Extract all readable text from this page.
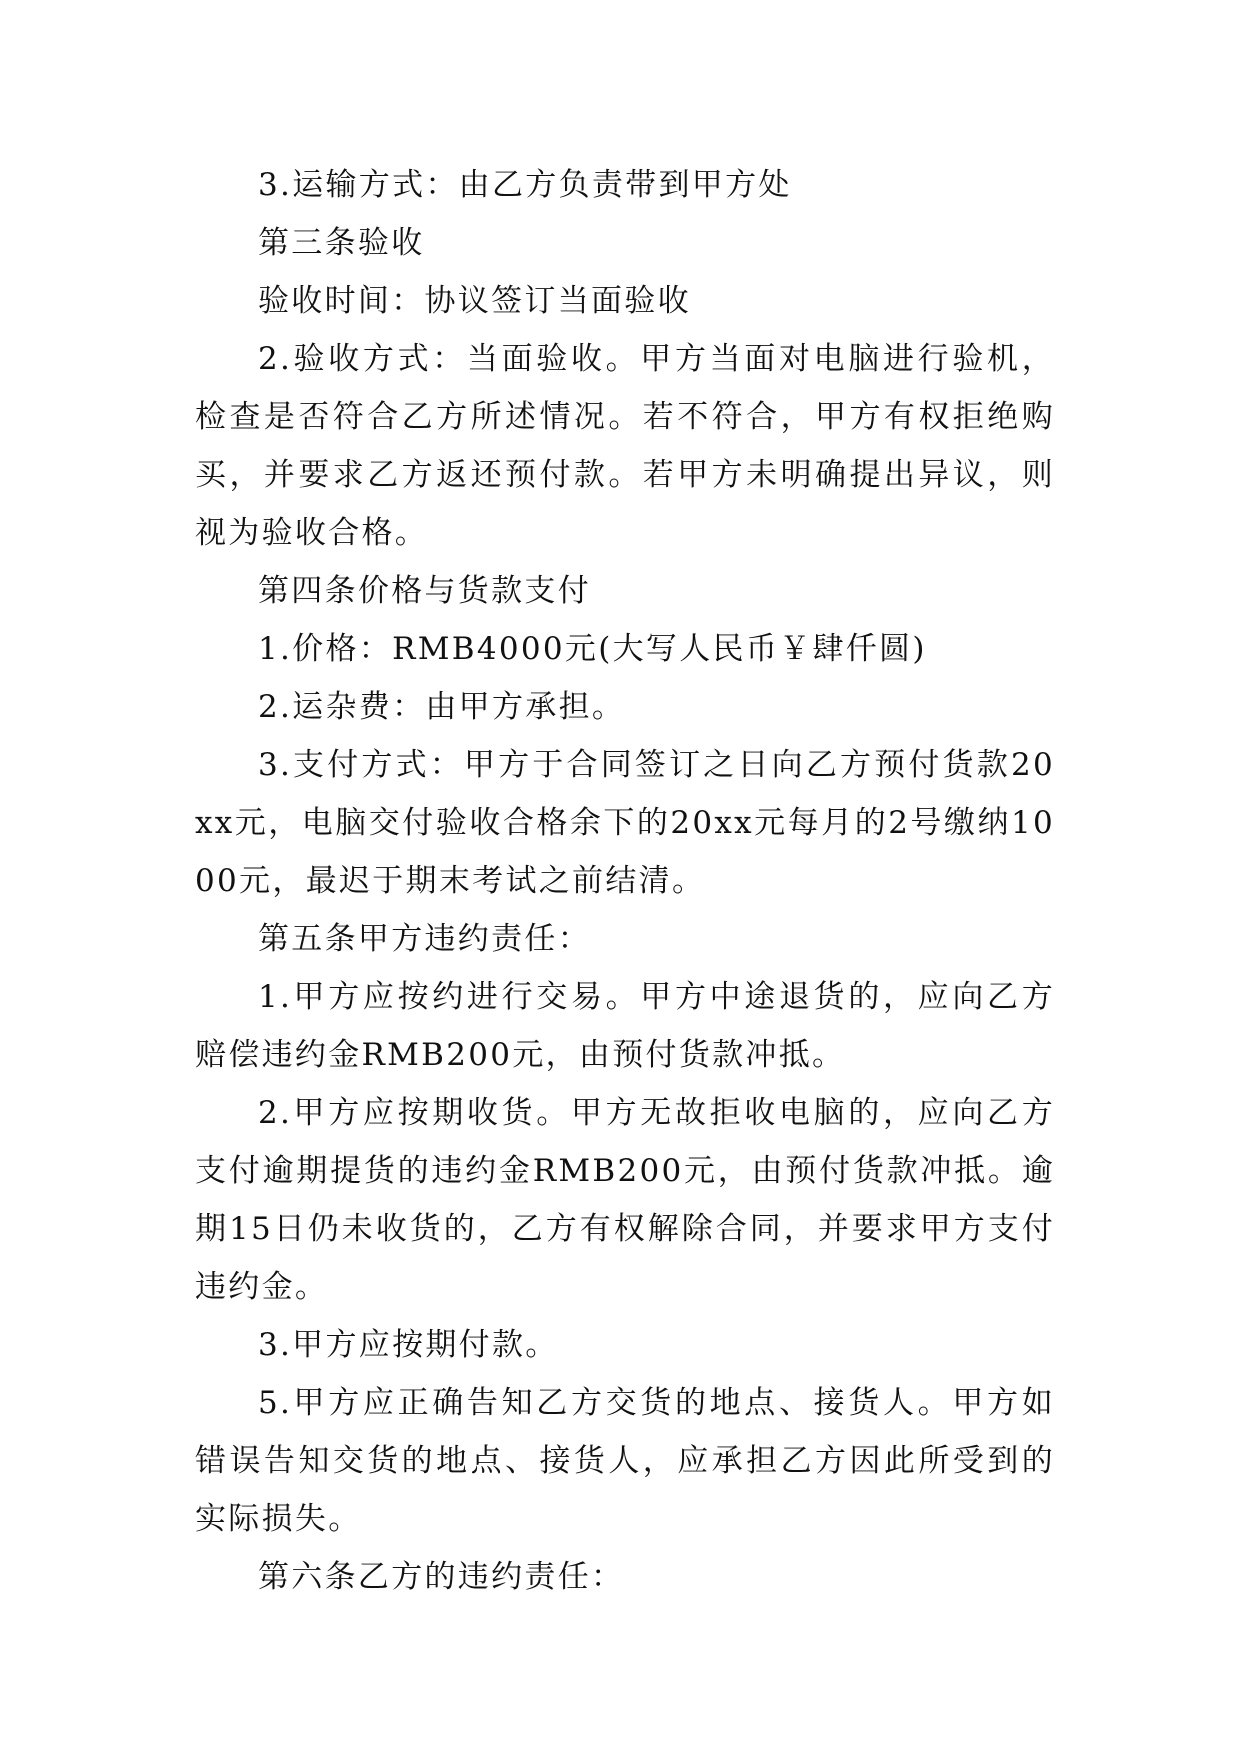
3.运输方式：由乙方负责带到甲方处

第三条验收

验收时间：协议签订当面验收

2.验收方式：当面验收。甲方当面对电脑进行验机，检查是否符合乙方所述情况。若不符合，甲方有权拒绝购买，并要求乙方返还预付款。若甲方未明确提出异议，则视为验收合格。

第四条价格与货款支付

1.价格：RMB4000元(大写人民币￥肆仟圆)

2.运杂费：由甲方承担。

3.支付方式：甲方于合同签订之日向乙方预付货款20xx元，电脑交付验收合格余下的20xx元每月的2号缴纳1000元，最迟于期末考试之前结清。

第五条甲方违约责任：

1.甲方应按约进行交易。甲方中途退货的，应向乙方赔偿违约金RMB200元，由预付货款冲抵。

2.甲方应按期收货。甲方无故拒收电脑的，应向乙方支付逾期提货的违约金RMB200元，由预付货款冲抵。逾期15日仍未收货的，乙方有权解除合同，并要求甲方支付违约金。

3.甲方应按期付款。

5.甲方应正确告知乙方交货的地点、接货人。甲方如错误告知交货的地点、接货人，应承担乙方因此所受到的实际损失。

第六条乙方的违约责任：
